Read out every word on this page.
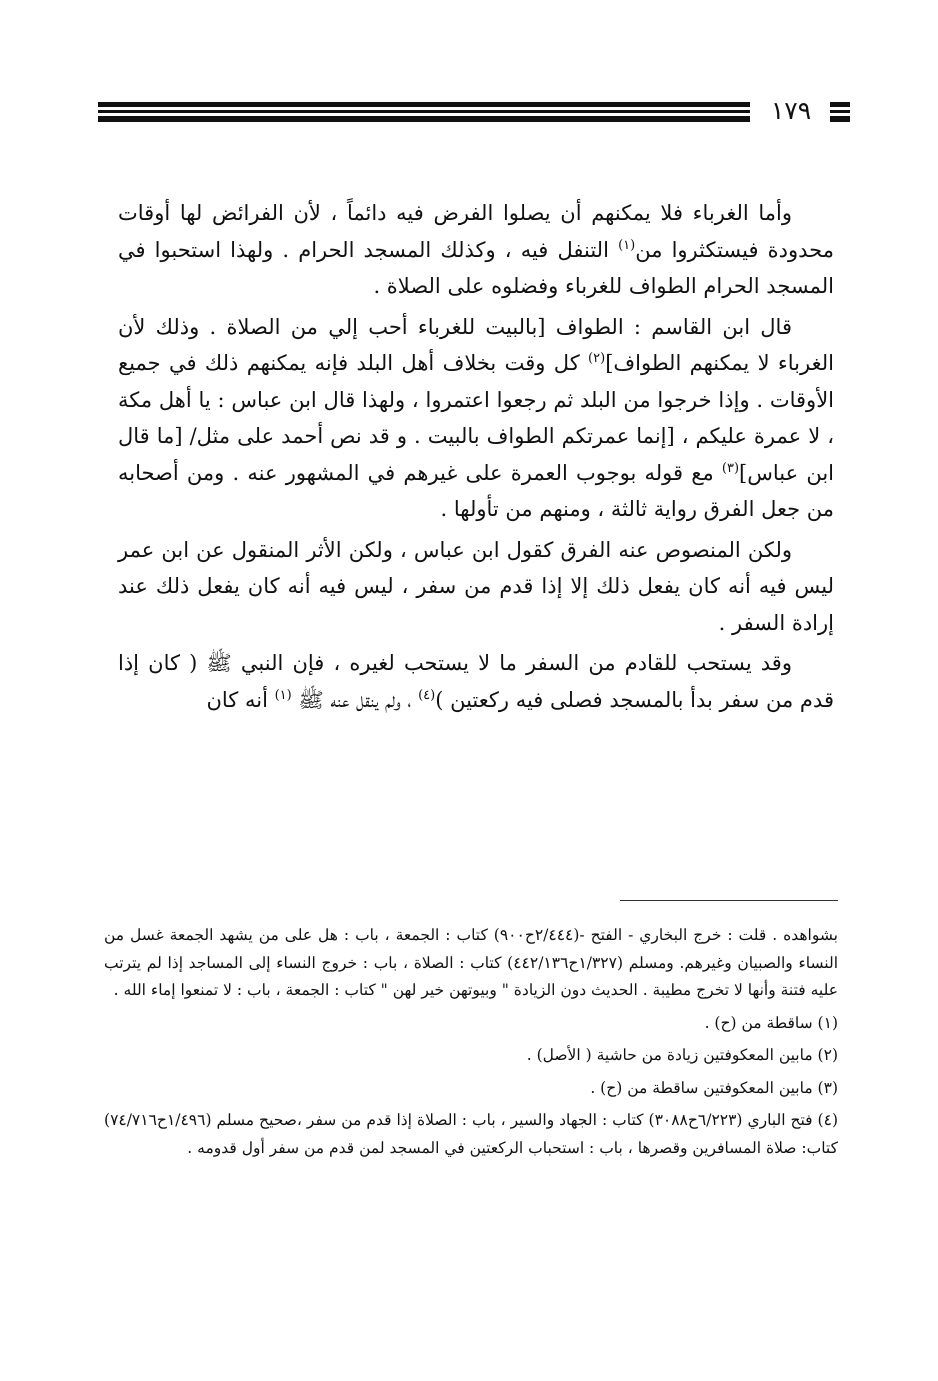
١٧٩

وأما الغرباء فلا يمكنهم أن يصلوا الفرض فيه دائماً ، لأن الفرائض لها أوقات محدودة فيستكثروا من$^{(١)}$ التنفل فيه ، وكذلك المسجد الحرام . ولهذا استحبوا في المسجد الحرام الطواف للغرباء وفضلوه على الصلاة .

قال ابن القاسم : الطواف [بالبيت للغرباء أحب إلي من الصلاة . وذلك لأن الغرباء لا يمكنهم الطواف]$^{(٢)}$ كل وقت بخلاف أهل البلد فإنه يمكنهم ذلك في جميع الأوقات . وإذا خرجوا من البلد ثم رجعوا اعتمروا ، ولهذا قال ابن عباس : يا أهل مكة ، لا عمرة عليكم ، [إنما عمرتكم الطواف بالبيت . و قد نص أحمد على مثل/ [ما قال ابن عباس]$^{(٣)}$ مع قوله بوجوب العمرة على غيرهم في المشهور عنه . ومن أصحابه من جعل الفرق رواية ثالثة ، ومنهم من تأولها .

ولكن المنصوص عنه الفرق كقول ابن عباس ، ولكن الأثر المنقول عن ابن عمر ليس فيه أنه كان يفعل ذلك إلا إذا قدم من سفر ، ليس فيه أنه كان يفعل ذلك عند إرادة السفر .

وقد يستحب للقادم من السفر ما لا يستحب لغيره ، فإن النبي ﷺ ( كان إذا قدم من سفر بدأ بالمسجد فصلى فيه ركعتين )$^{(٤)}$ ، ولم ينقل عنه ﷺ $^{(١)}$ أنه كان

بشواهده . قلت : خرج البخاري - الفتح -(٢/٤٤٤ح٩٠٠) كتاب : الجمعة ، باب : هل على من يشهد الجمعة غسل من النساء والصبيان وغيرهم. ومسلم (١/٣٢٧ح٤٤٢/١٣٦) كتاب : الصلاة ، باب : خروج النساء إلى المساجد إذا لم يترتب عليه فتنة وأنها لا تخرج مطيبة . الحديث دون الزيادة " وبيوتهن خير لهن " كتاب : الجمعة ، باب : لا تمنعوا إماء الله .

(١) ساقطة من (ح) .

(٢) مابين المعكوفتين زيادة من حاشية ( الأصل) .

(٣) مابين المعكوفتين ساقطة من (ح) .

(٤) فتح الباري (٦/٢٢٣ح٣٠٨٨) كتاب : الجهاد والسير ، باب : الصلاة إذا قدم من سفر ،صحيح مسلم (١/٤٩٦ح٧٤/٧١٦) كتاب: صلاة المسافرين وقصرها ، باب : استحباب الركعتين في المسجد لمن قدم من سفر أول قدومه .
